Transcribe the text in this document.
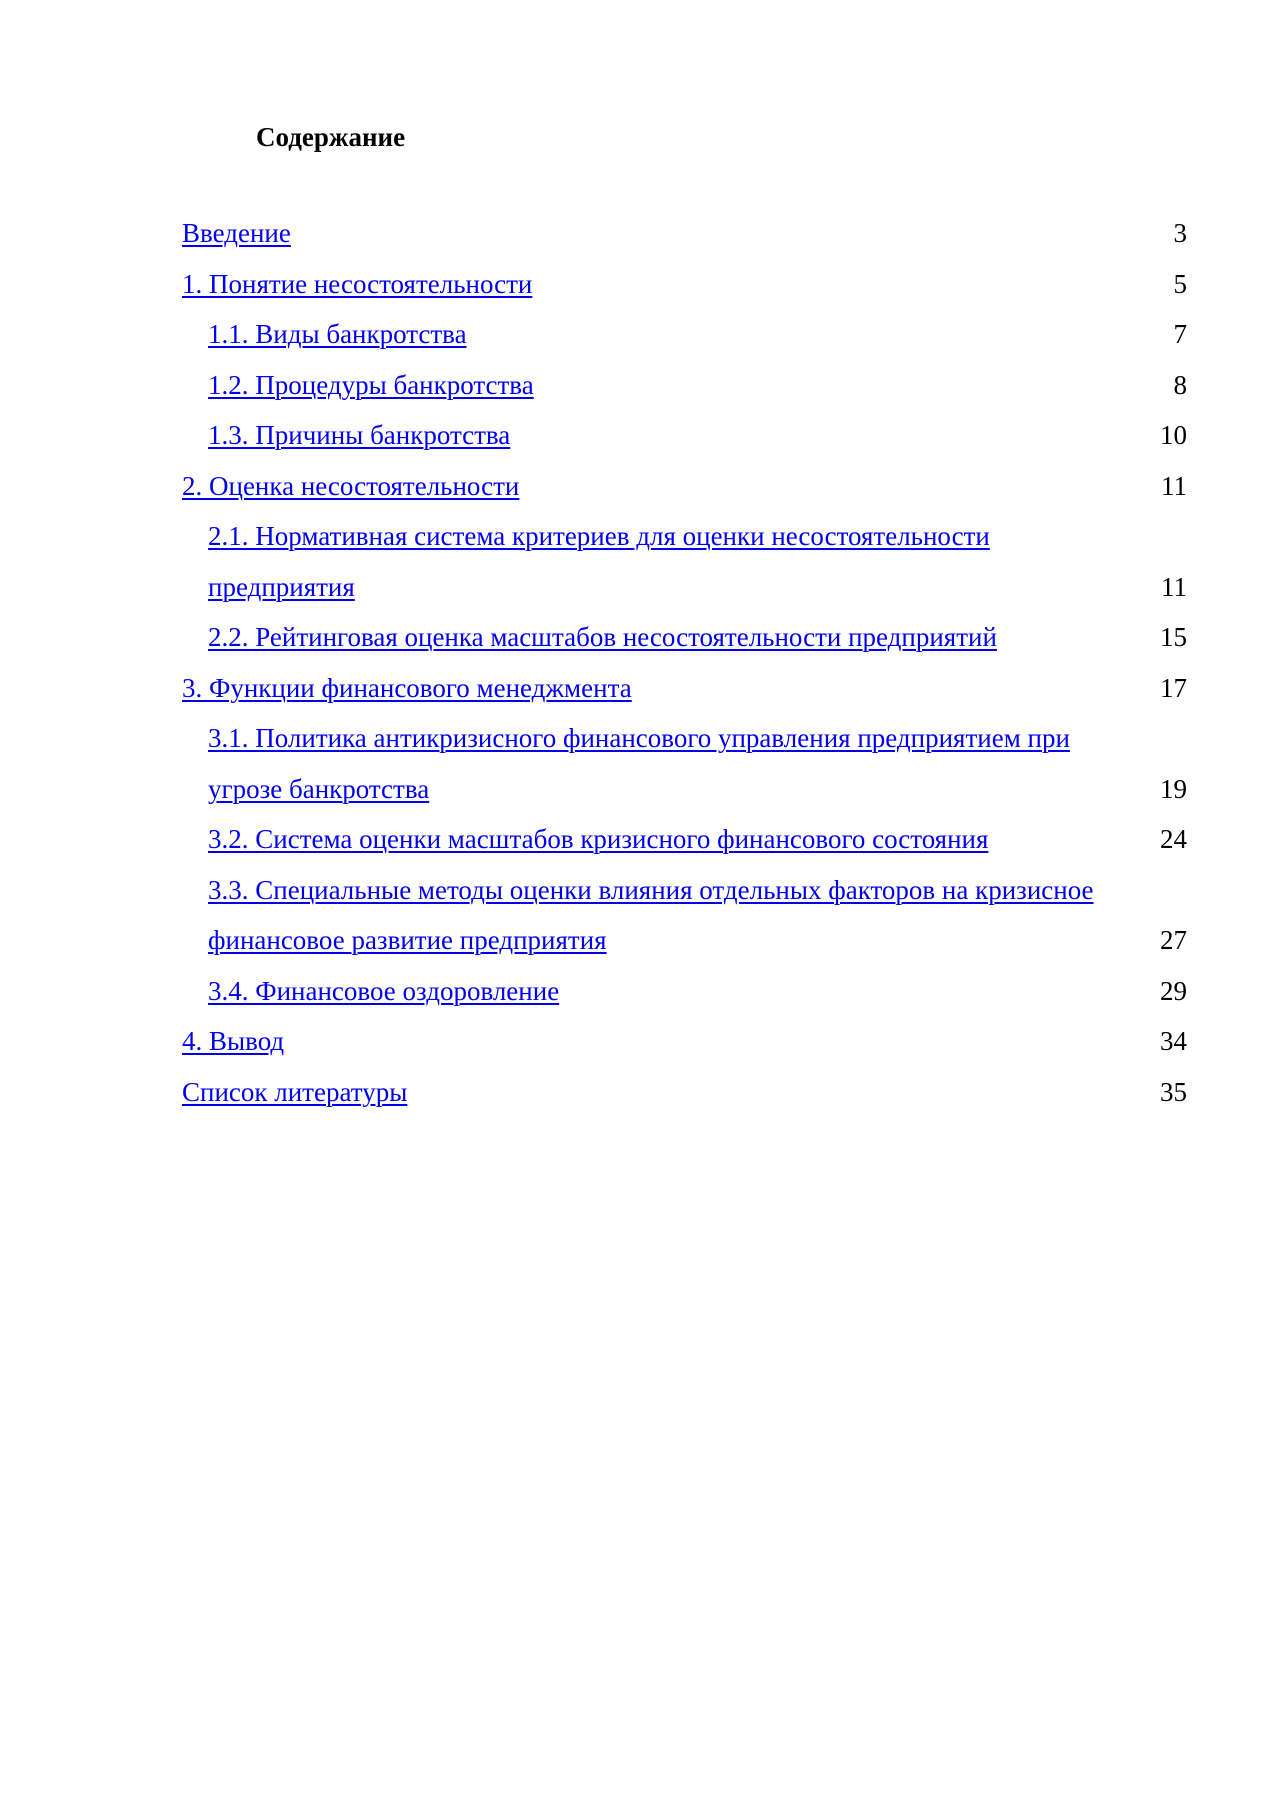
Содержание
Введение	3
1. Понятие несостоятельности	5
1.1. Виды банкротства	7
1.2. Процедуры банкротства	8
1.3. Причины банкротства	10
2. Оценка несостоятельности	11
2.1. Нормативная система критериев для оценки несостоятельности предприятия	11
2.2. Рейтинговая оценка масштабов несостоятельности предприятий	15
3. Функции финансового менеджмента	17
3.1. Политика антикризисного финансового управления предприятием при угрозе банкротства	19
3.2. Система оценки масштабов кризисного финансового состояния	24
3.3. Специальные методы оценки влияния отдельных факторов на кризисное финансовое развитие предприятия	27
3.4. Финансовое оздоровление	29
4. Вывод	34
Список литературы	35
